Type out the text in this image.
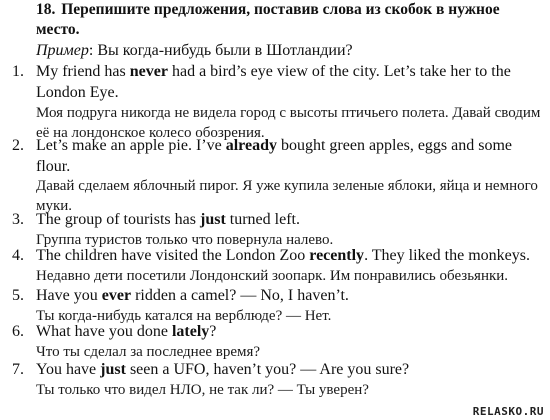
18. Перепишите предложения, поставив слова из скобок в нужное место.
Пример: Вы когда-нибудь были в Шотландии?
1. My friend has never had a bird’s eye view of the city. Let’s take her to the London Eye.
Моя подруга никогда не видела город с высоты птичьего полета. Давай сводим её на лондонское колесо обозрения.
2. Let’s make an apple pie. I’ve already bought green apples, eggs and some flour.
Давай сделаем яблочный пирог. Я уже купила зеленые яблоки, яйца и немного муки.
3. The group of tourists has just turned left.
Группа туристов только что повернула налево.
4. The children have visited the London Zoo recently. They liked the monkeys.
Недавно дети посетили Лондонский зоопарк. Им понравились обезьянки.
5. Have you ever ridden a camel? — No, I haven’t.
Ты когда-нибудь катался на верблюде? — Нет.
6. What have you done lately?
Что ты сделал за последнее время?
7. You have just seen a UFO, haven’t you? — Are you sure?
Ты только что видел НЛО, не так ли? — Ты уверен?
RELASKO.RU
